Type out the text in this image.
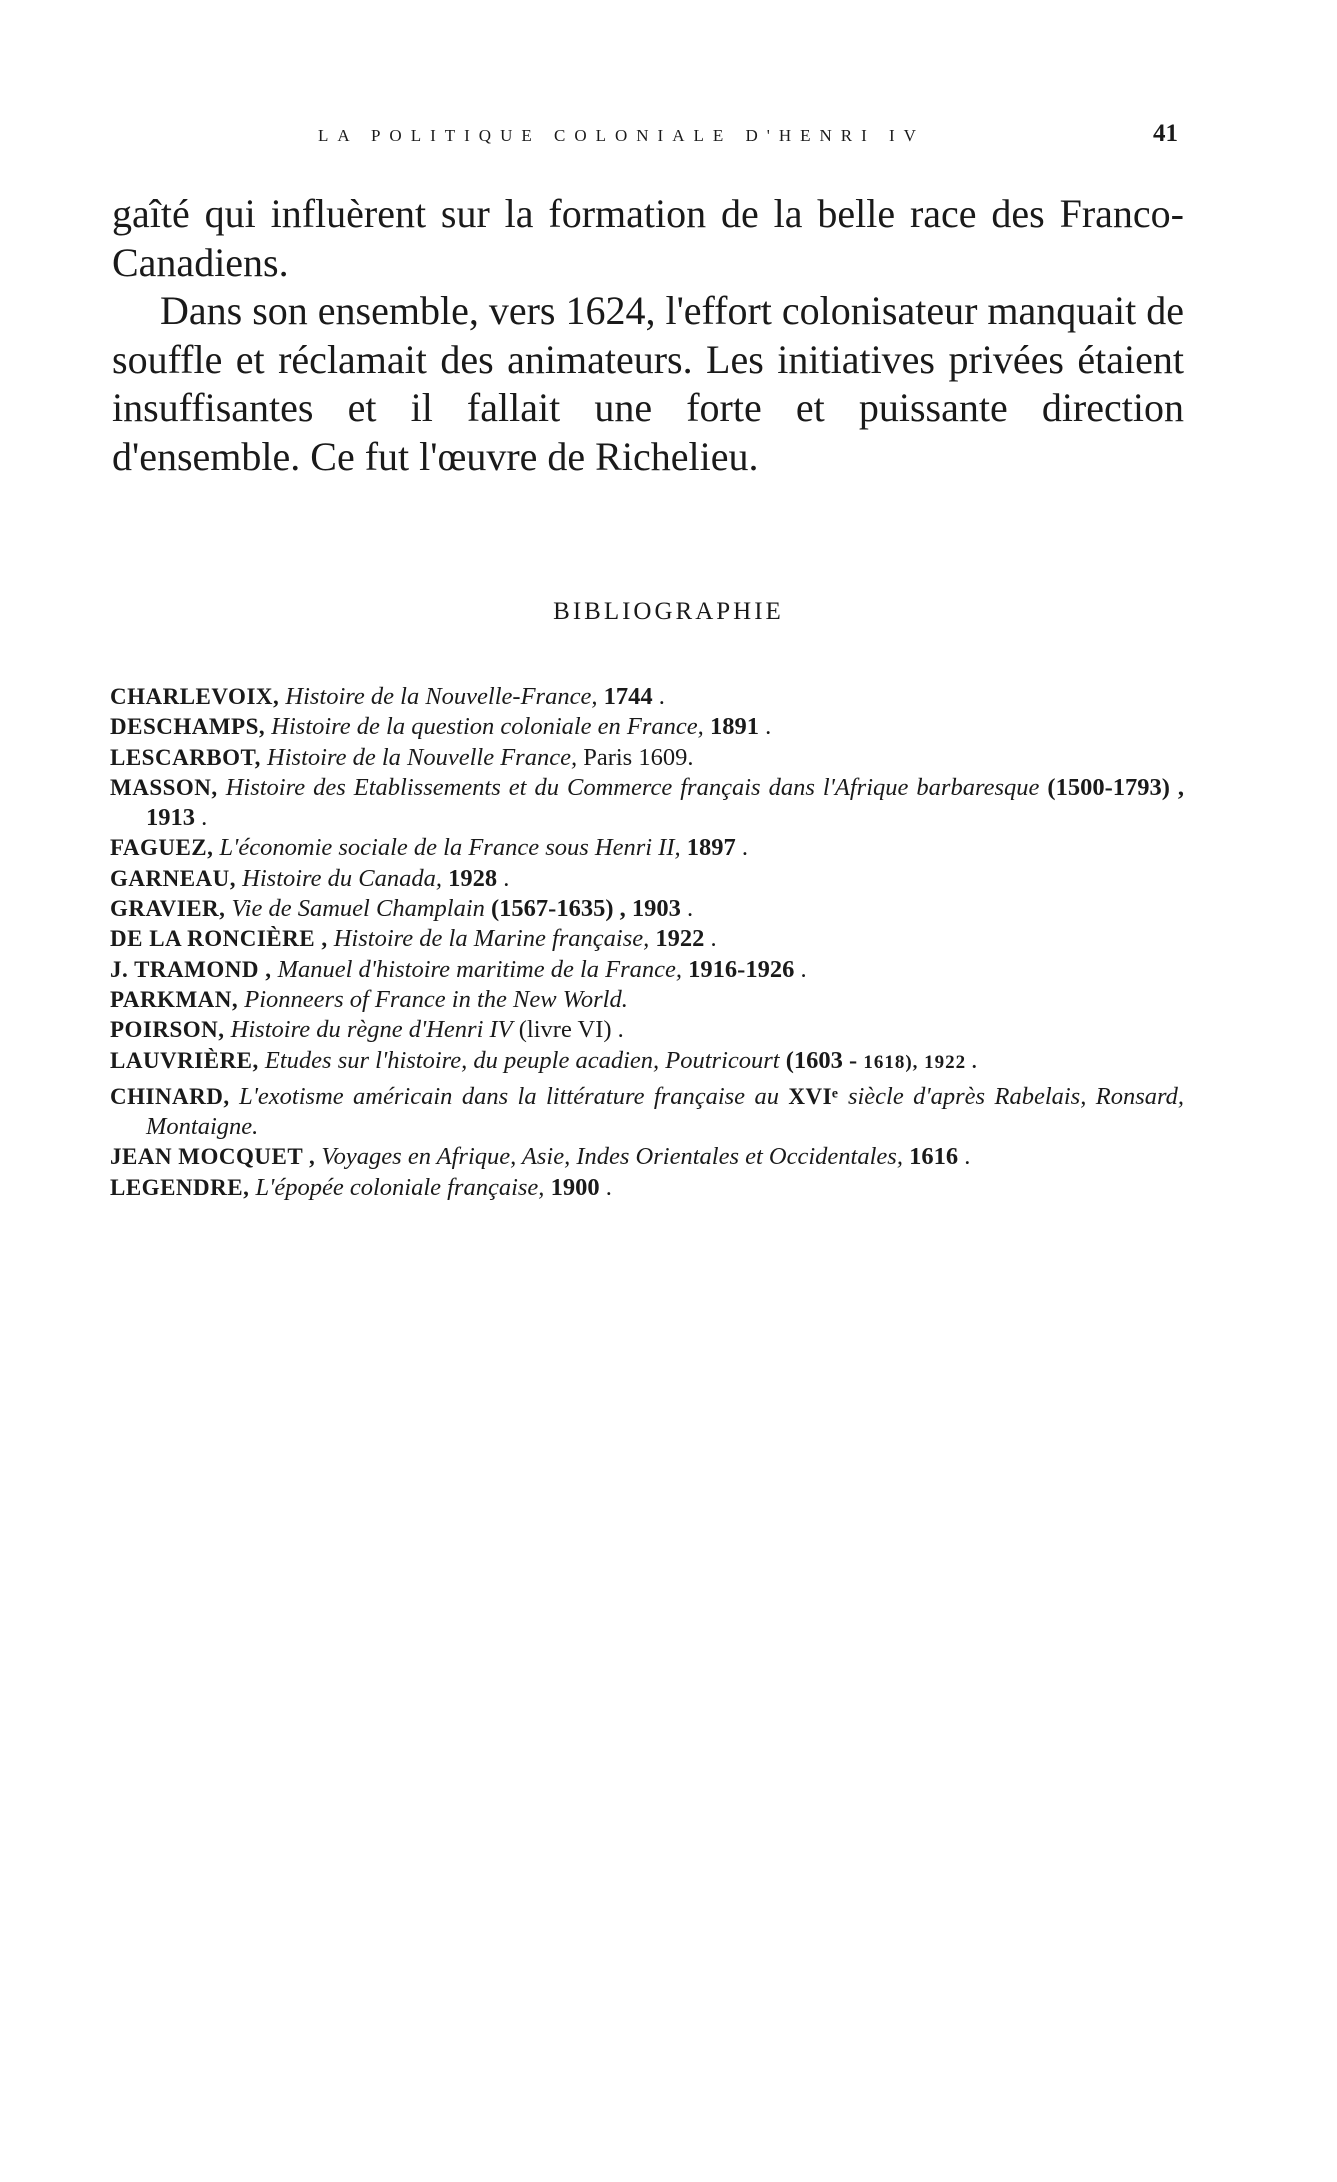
LA POLITIQUE COLONIALE D'HENRI IV	41

gaîté qui influèrent sur la formation de la belle race des Franco-Canadiens.

Dans son ensemble, vers 1624, l'effort colonisateur manquait de souffle et réclamait des animateurs. Les initiatives privées étaient insuffisantes et il fallait une forte et puissante direction d'ensemble. Ce fut l'œuvre de Richelieu.

BIBLIOGRAPHIE

CHARLEVOIX, Histoire de la Nouvelle-France, 1744 .

DESCHAMPS, Histoire de la question coloniale en France, 1891 .

LESCARBOT, Histoire de la Nouvelle France, Paris 1609.

MASSON, Histoire des Etablissements et du Commerce français dans l'Afrique barbaresque (1500-1793) , 1913 .

FAGUEZ, L'économie sociale de la France sous Henri II, 1897 .

GARNEAU, Histoire du Canada, 1928 .

GRAVIER, Vie de Samuel Champlain (1567-1635) , 1903 .

DE LA RONCIÈRE , Histoire de la Marine française, 1922 .

J. TRAMOND , Manuel d'histoire maritime de la France, 1916-1926 .

PARKMAN, Pionneers of France in the New World.

POIRSON, Histoire du règne d'Henri IV (livre VI) .

LAUVRIÈRE, Etudes sur l'histoire, du peuple acadien, Poutricourt (1603 - 1618), 1922 .

CHINARD, L'exotisme américain dans la littérature française au XVIᵉ siècle d'après Rabelais, Ronsard, Montaigne.

JEAN MOCQUET , Voyages en Afrique, Asie, Indes Orientales et Occidentales, 1616 .

LEGENDRE, L'épopée coloniale française, 1900 .
